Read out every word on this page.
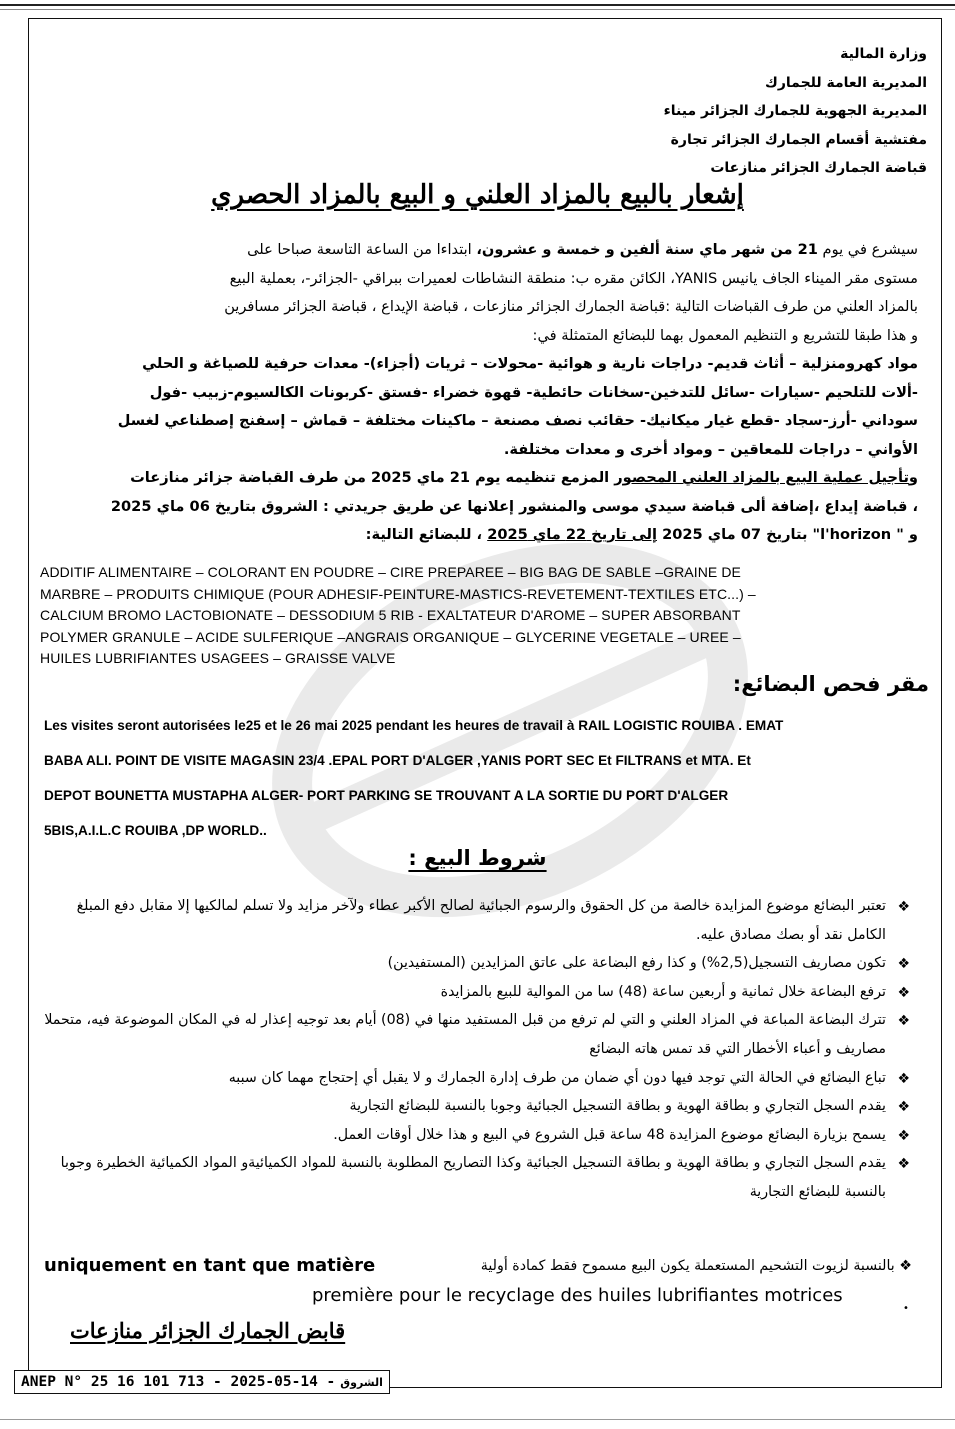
وزارة المالية
المديرية العامة للجمارك
المديرية الجهوية للجمارك الجزائر ميناء
مفتشية أقسام الجمارك الجزائر تجارة
قباضة الجمارك الجزائر منازعات
إشعار بالبيع بالمزاد العلني و البيع بالمزاد الحصري
سيشرع في يوم 21 من شهر ماي سنة ألفين و خمسة و عشرون، ابتداءا من الساعة التاسعة صباحا على
مستوى مقر الميناء الجاف يانيس YANIS، الكائن مقره ب: منطقة النشاطات لعميرات ببراقي -الجزائر-، بعملية البيع
بالمزاد العلني من طرف القباضات التالية :قباضة الجمارك الجزائر منازعات ، قباضة الإيداع ، قباضة الجزائر مسافرين
و هذا طبقا للتشريع و التنظيم المعمول بهما للبضائع المتمثلة في:
مواد كهرومنزلية – أثاث قديم- دراجات نارية و هوائية -محولات – ثريات (أجزاء)- معدات حرفية للصياغة و الحلي
-ألات للتلحيم -سيارات -سائل للتدخين-سخانات حائطية- قهوة خضراء -فستق -كربونات الكالسيوم-زبيب -فول
سوداني -أرز-سجاد -قطع غيار ميكانيك- حقائب نصف مصنعة – ماكينات مختلفة – قماش – إسفنج إصطناعي لغسل
الأواني – دراجات للمعاقين – ومواد أخرى و معدات مختلفة.
وتأجيل عملية البيع بالمزاد العلني المحصور المزمع تنظيمه يوم 21 ماي 2025 من طرف القباضة جزائر منازعات
، قباضة إيداع ،إضافة ألى قباضة سيدي موسى والمنشور إعلانها عن طريق جريدتي : الشروق بتاريخ 06 ماي 2025
و " l'horizon" بتاريخ 07 ماي 2025 إلى تاريخ 22 ماي 2025 ، للبضائع التالية:
ADDITIF ALIMENTAIRE – COLORANT EN POUDRE – CIRE PREPAREE – BIG BAG DE SABLE –GRAINE DE
MARBRE – PRODUITS CHIMIQUE (POUR ADHESIF-PEINTURE-MASTICS-REVETEMENT-TEXTILES ETC...) –
CALCIUM BROMO LACTOBIONATE – DESSODIUM 5 RIB - EXALTATEUR D'AROME – SUPER ABSORBANT
POLYMER GRANULE – ACIDE SULFERIQUE –ANGRAIS ORGANIQUE – GLYCERINE VEGETALE – UREE –
HUILES LUBRIFIANTES USAGEES – GRAISSE VALVE
مقر فحص البضائع:
Les visites seront autorisées le25 et le 26 mai 2025 pendant les heures de travail à RAIL LOGISTIC ROUIBA . EMAT
BABA ALI. POINT DE VISITE MAGASIN 23/4 .EPAL PORT D'ALGER ,YANIS PORT SEC Et FILTRANS et MTA. Et
DEPOT BOUNETTA MUSTAPHA ALGER- PORT PARKING SE TROUVANT A LA SORTIE DU PORT D'ALGER
5BIS,A.I.L.C ROUIBA ,DP WORLD..
شروط البيع :
❖
تعتبر البضائع موضوع المزايدة خالصة من كل الحقوق والرسوم الجبائية لصالح الأكبر عطاء ولآخر مزايد ولا تسلم لمالكيها إلا مقابل دفع المبلغ الكامل نقد أو بصك مصادق عليه.
❖
تكون مصاريف التسجيل(2,5%) و كذا رفع البضاعة على عاتق المزايدين (المستفيدين)
❖
ترفع البضاعة خلال ثمانية و أربعين ساعة (48) سا من الموالية للبيع بالمزايدة
❖
تترك البضاعة المباعة في المزاد العلني و التي لم ترفع من قبل المستفيد منها في (08) أيام بعد توجيه إعذار له في المكان الموضوعة فيه، متحملا مصاريف و أعباء الأخطار التي قد تمس هاته البضائع
❖
تباع البضائع في الحالة التي توجد فيها دون أي ضمان من طرف إدارة الجمارك و لا يقبل أي إحتجاج مهما كان سببه
❖
يقدم السجل التجاري و بطاقة الهوية و بطاقة التسجيل الجبائية وجوبا بالنسبة للبضائع التجارية
❖
يسمح بزيارة البضائع موضوع المزايدة 48 ساعة قبل الشروع في البيع و هذا خلال أوقات العمل.
❖
يقدم السجل التجاري و بطاقة الهوية و بطاقة التسجيل الجبائية وكذا التصاريح المطلوبة بالنسبة للمواد الكميائيةو المواد الكميائية الخطيرة وجوبا بالنسبة للبضائع التجارية
❖ بالنسبة لزيوت التشحيم المستعملة يكون البيع مسموح فقط كمادة أولية
uniquement en tant que matière
première pour le recyclage des huiles lubrifiantes motrices
•
قابض الجمارك الجزائر منازعات
ANEP N° 25 16 101 713 - 2025-05-14 - الشروق
